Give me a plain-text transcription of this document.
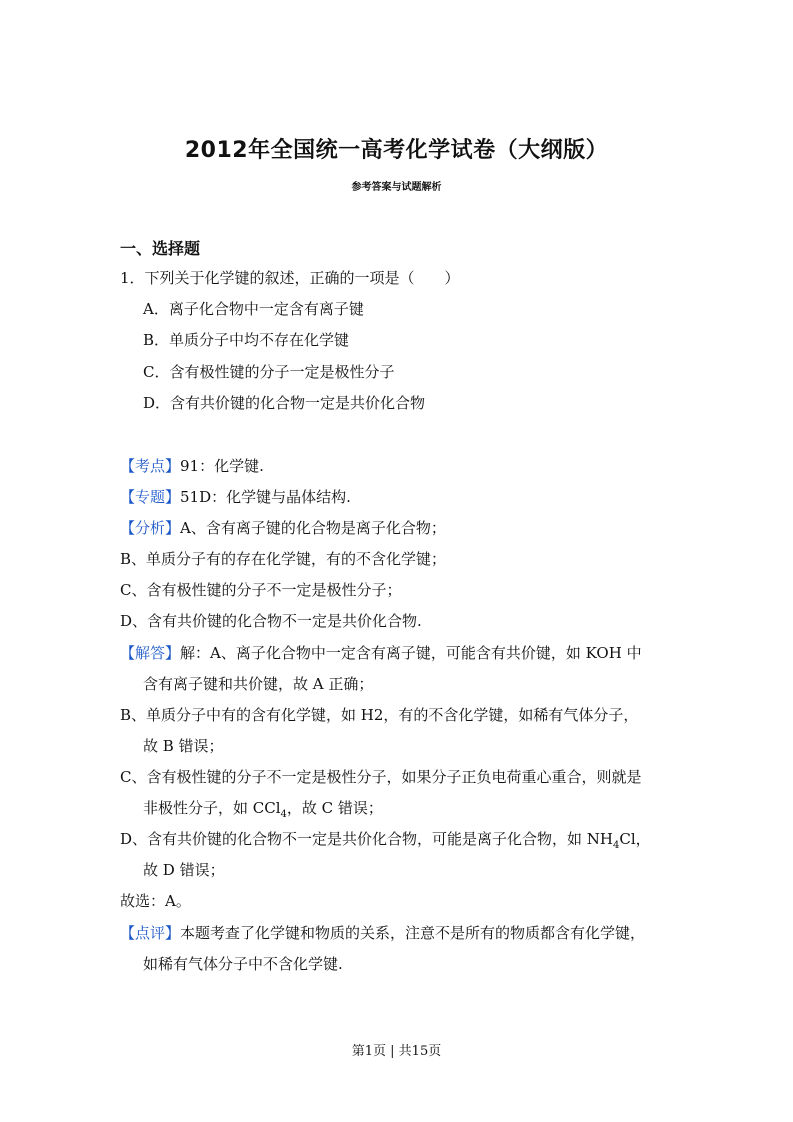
2012年全国统一高考化学试卷（大纲版）
参考答案与试题解析
一、选择题
1．下列关于化学键的叙述，正确的一项是（　　）
A．离子化合物中一定含有离子键
B．单质分子中均不存在化学键
C．含有极性键的分子一定是极性分子
D．含有共价键的化合物一定是共价化合物
【考点】91：化学键.
【专题】51D：化学键与晶体结构.
【分析】A、含有离子键的化合物是离子化合物；
B、单质分子有的存在化学键，有的不含化学键；
C、含有极性键的分子不一定是极性分子；
D、含有共价键的化合物不一定是共价化合物.
【解答】解：A、离子化合物中一定含有离子键，可能含有共价键，如 KOH 中
含有离子键和共价键，故 A 正确；
B、单质分子中有的含有化学键，如 H2，有的不含化学键，如稀有气体分子，
故 B 错误；
C、含有极性键的分子不一定是极性分子，如果分子正负电荷重心重合，则就是
非极性分子，如 CCl$_4$，故 C 错误；
D、含有共价键的化合物不一定是共价化合物，可能是离子化合物，如 $NH_4Cl$，
故 D 错误；
故选：A。
【点评】本题考查了化学键和物质的关系，注意不是所有的物质都含有化学键，
如稀有气体分子中不含化学键.
第1页 | 共15页
